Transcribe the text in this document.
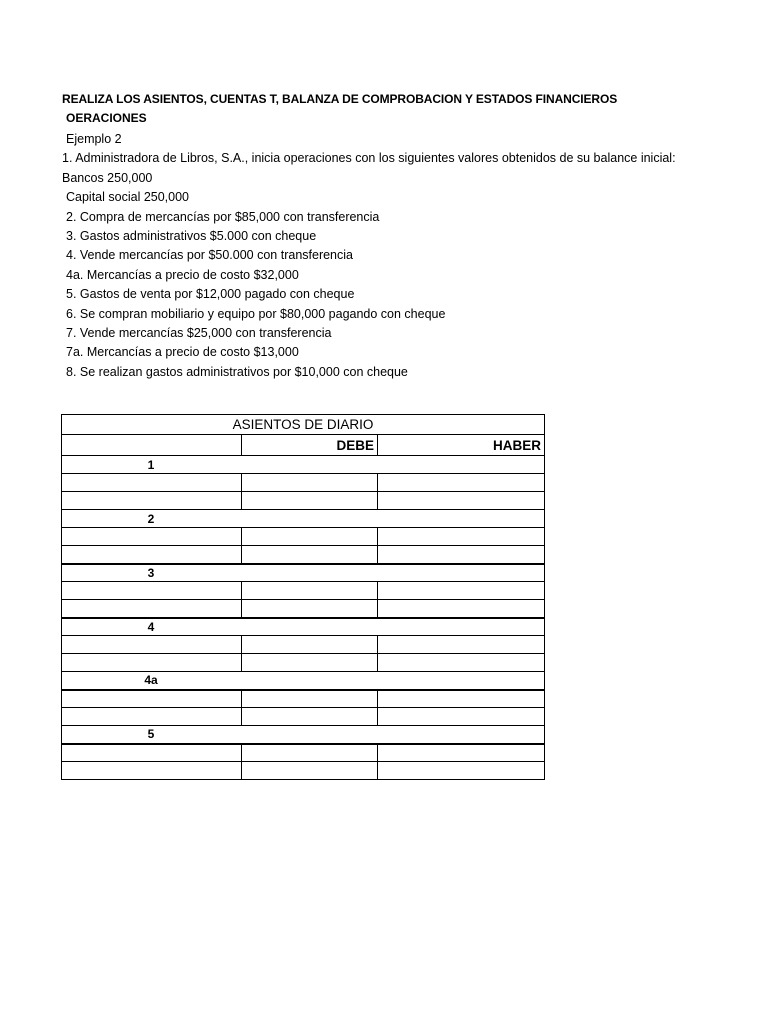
REALIZA LOS ASIENTOS, CUENTAS T, BALANZA DE COMPROBACION Y ESTADOS FINANCIEROS
OERACIONES
Ejemplo 2
1. Administradora de Libros, S.A., inicia operaciones con los siguientes valores obtenidos de su balance inicial:
Bancos 250,000
Capital social 250,000
2. Compra de mercancías por $85,000 con transferencia
3. Gastos administrativos $5.000 con cheque
4. Vende mercancías por $50.000 con transferencia
4a. Mercancías a precio de costo $32,000
5. Gastos de venta por $12,000 pagado con cheque
6. Se compran mobiliario y equipo por $80,000 pagando con cheque
7. Vende mercancías $25,000 con transferencia
7a. Mercancías a precio de costo $13,000
8. Se realizan gastos administrativos por $10,000 con cheque
ASIENTOS DE DIARIO		
	DEBE	HABER
1		

2		

3		

4		

4a		

5		
